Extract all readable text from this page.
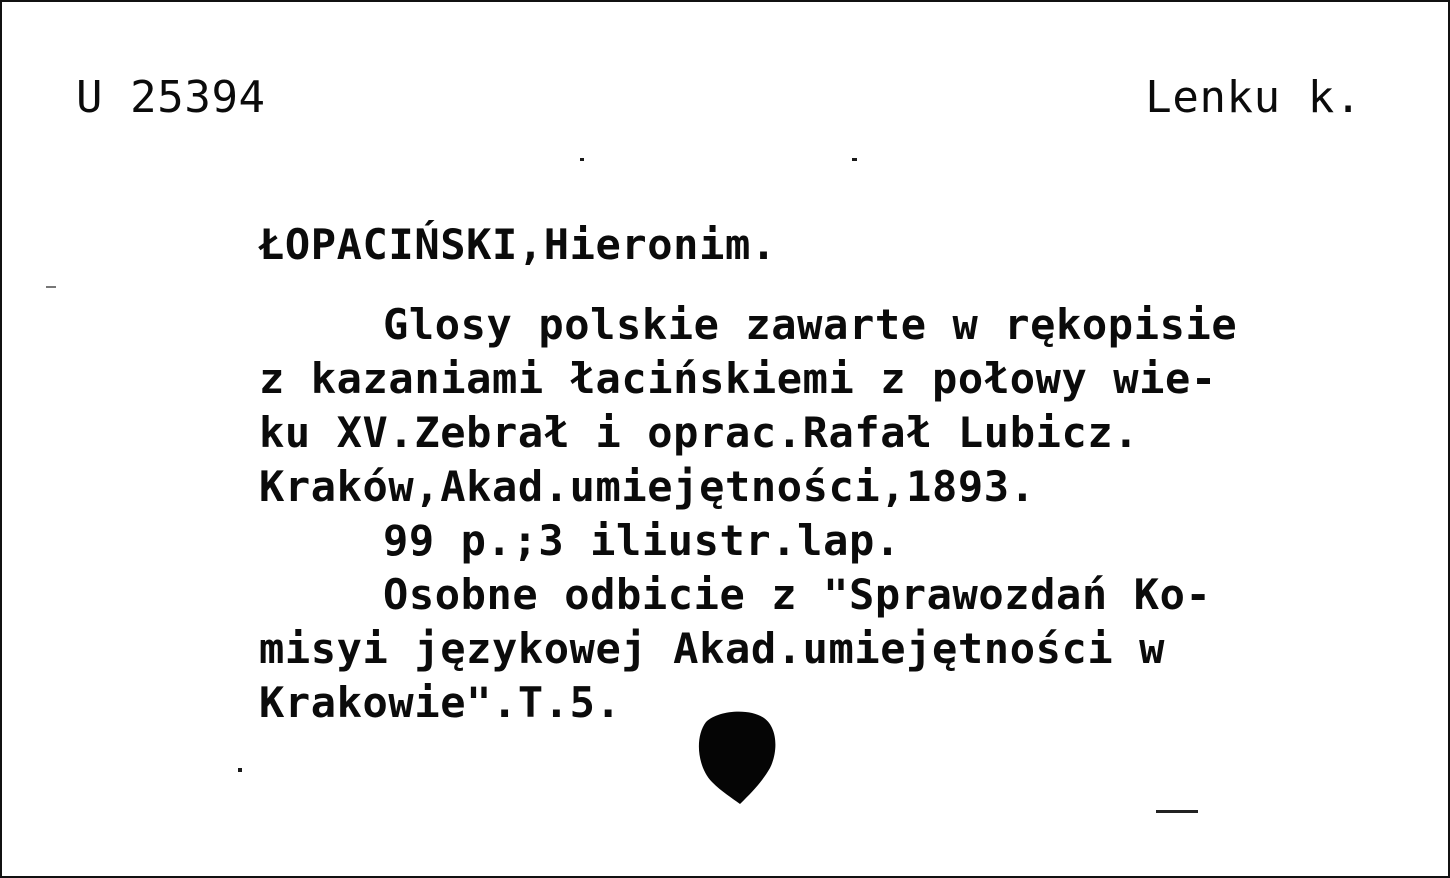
U 25394	Lenku k.
ŁOPACIŃSKI,Hieronim.
Glosy polskie zawarte w rękopisie
z kazaniami łacińskiemi z połowy wie-
ku XV.Zebrał i oprac.Rafał Lubicz.
Kraków,Akad.umiejętności,1893.
99 p.;3 iliustr.lap.
Osobne odbicie z "Sprawozdań Ko-
misyi językowej Akad.umiejętności w
Krakowie".T.5.
